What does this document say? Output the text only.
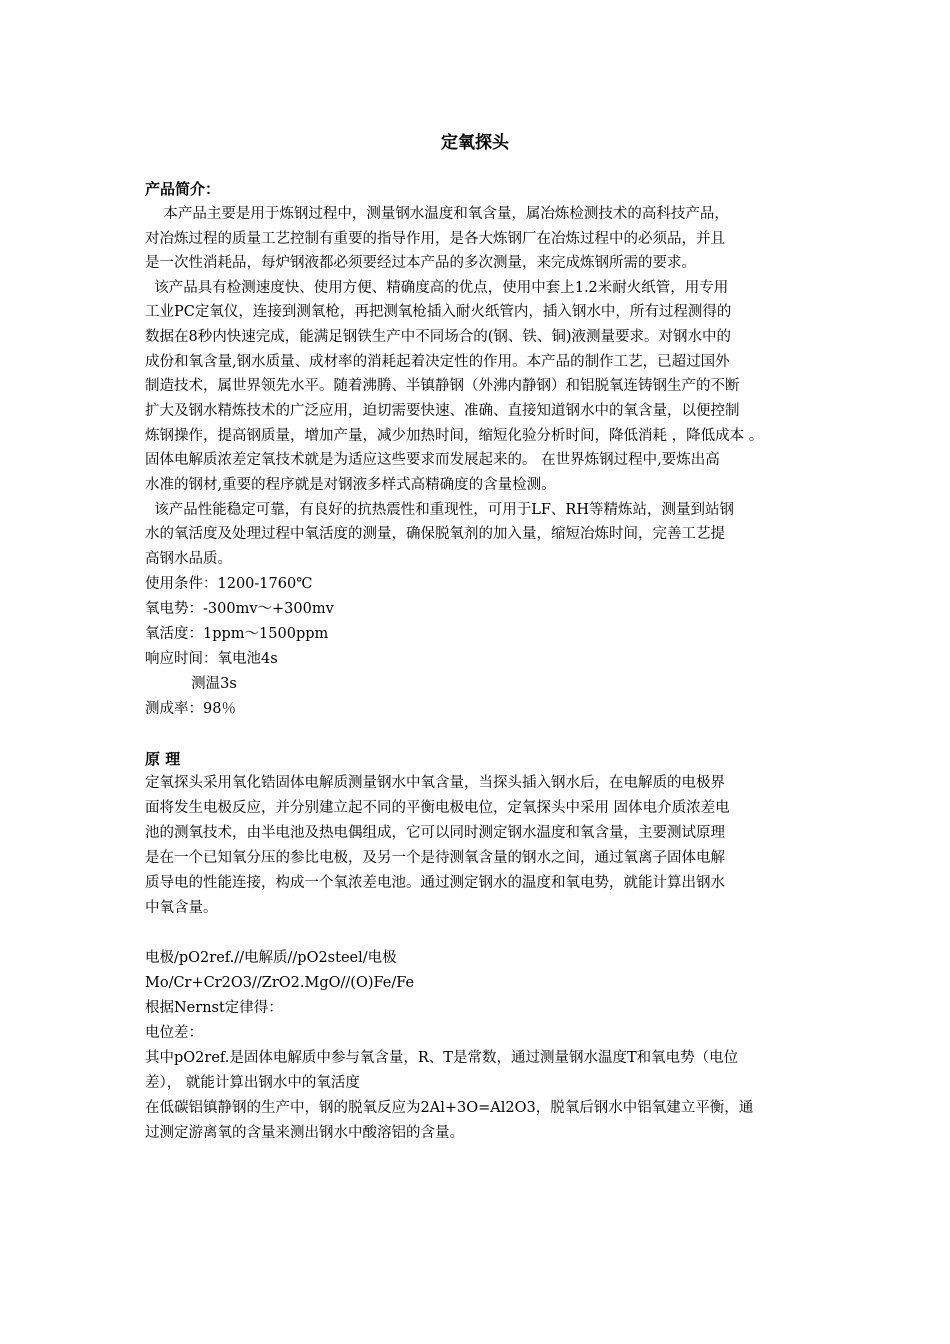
定氧探头
产品简介：
本产品主要是用于炼钢过程中，测量钢水温度和氧含量，属冶炼检测技术的高科技产品，
对冶炼过程的质量工艺控制有重要的指导作用，是各大炼钢厂在冶炼过程中的必须品，并且
是一次性消耗品，每炉钢液都必须要经过本产品的多次测量，来完成炼钢所需的要求。
该产品具有检测速度快、使用方便、精确度高的优点，使用中套上1.2米耐火纸管，用专用
工业PC定氧仪，连接到测氧枪，再把测氧枪插入耐火纸管内，插入钢水中，所有过程测得的
数据在8秒内快速完成，能满足钢铁生产中不同场合的(钢、铁、铜)液测量要求。对钢水中的
成份和氧含量,钢水质量、成材率的消耗起着决定性的作用。本产品的制作工艺，已超过国外
制造技术，属世界领先水平。随着沸腾、半镇静钢（外沸内静钢）和铝脱氧连铸钢生产的不断
扩大及钢水精炼技术的广泛应用，迫切需要快速、准确、直接知道钢水中的氧含量，以便控制
炼钢操作，提高钢质量，增加产量，减少加热时间，缩短化验分析时间，降低消耗 ，降低成本 。
固体电解质浓差定氧技术就是为适应这些要求而发展起来的。 在世界炼钢过程中,要炼出高
水准的钢材,重要的程序就是对钢液多样式高精确度的含量检测。
该产品性能稳定可靠，有良好的抗热震性和重现性，可用于LF、RH等精炼站，测量到站钢
水的氧活度及处理过程中氧活度的测量，确保脱氧剂的加入量，缩短冶炼时间，完善工艺提
高钢水品质。
使用条件：1200-1760℃
氧电势：-300mv～+300mv
氧活度：1ppm～1500ppm
响应时间：氧电池4s
测温3s
测成率：98％
原 理
定氧探头采用氧化锆固体电解质测量钢水中氧含量，当探头插入钢水后，在电解质的电极界
面将发生电极反应，并分别建立起不同的平衡电极电位，定氧探头中采用 固体电介质浓差电
池的测氧技术，由半电池及热电偶组成，它可以同时测定钢水温度和氧含量，主要测试原理
是在一个已知氧分压的参比电极，及另一个是待测氧含量的钢水之间，通过氧离子固体电解
质导电的性能连接，构成一个氧浓差电池。通过测定钢水的温度和氧电势，就能计算出钢水
中氧含量。
电极/pO2ref.//电解质//pO2steel/电极
Mo/Cr+Cr2O3//ZrO2.MgO//(O)Fe/Fe
根据Nernst定律得：
电位差：
其中pO2ref.是固体电解质中参与氧含量，R、T是常数，通过测量钢水温度T和氧电势（电位
差）， 就能计算出钢水中的氧活度
在低碳铝镇静钢的生产中，钢的脱氧反应为2Al+3O=Al2O3，脱氧后钢水中铝氧建立平衡，通
过测定游离氧的含量来测出钢水中酸溶铝的含量。
